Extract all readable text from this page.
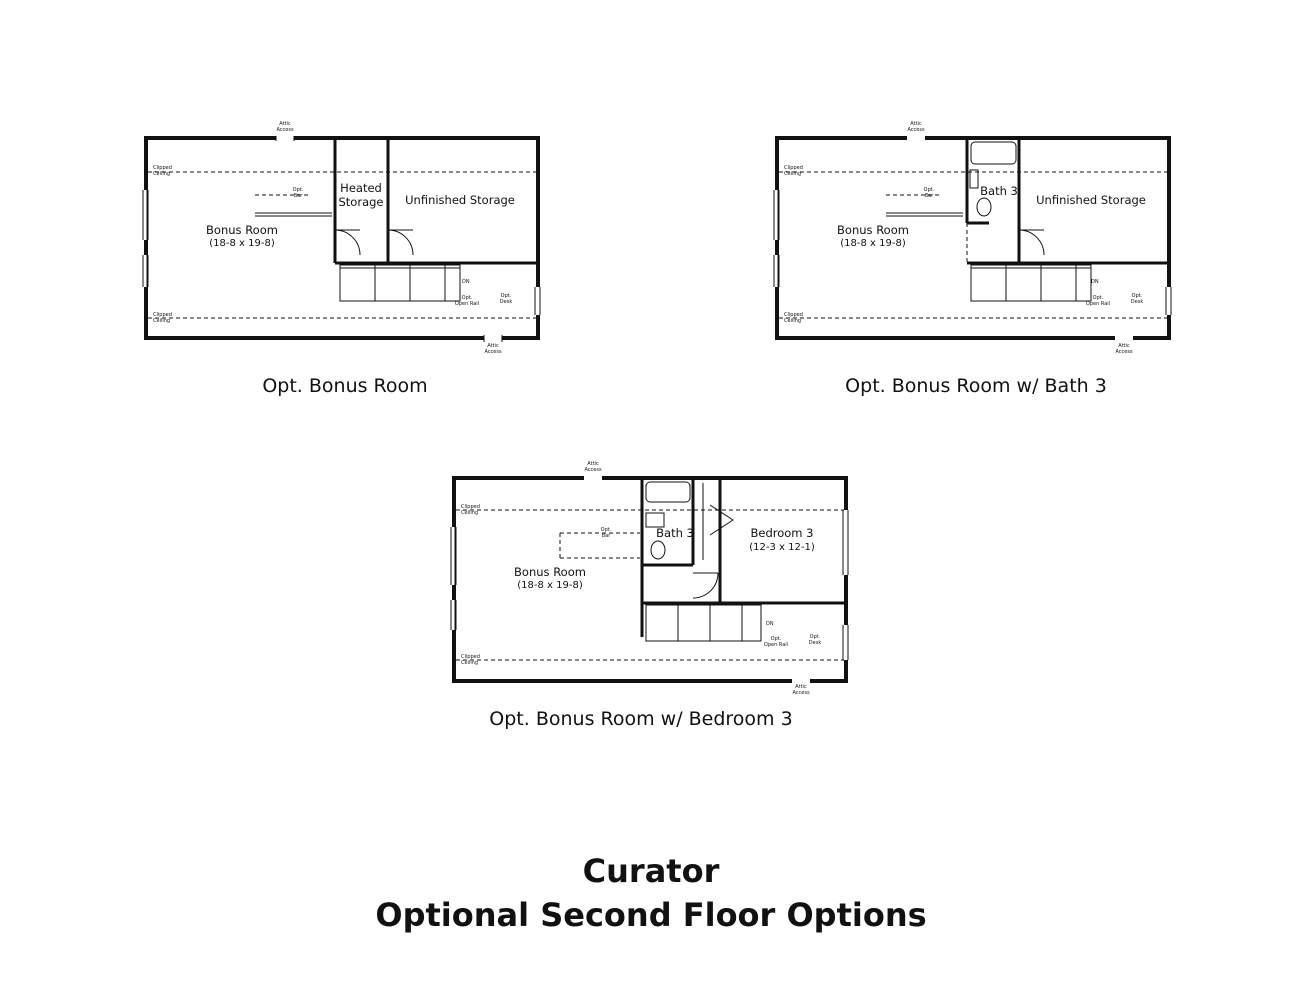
Attic
Access
Attic
Access
Clipped
Ceiling
Clipped
Ceiling
Opt.
Bar
Bonus Room
(18-8 x 19-8)
Heated
Storage Unfinished Storage
DN
Opt.
Open Rail
Opt.
Desk
Opt. Bonus Room
Attic
Access
Attic
Access
Clipped
Ceiling
Clipped
Ceiling
Opt.
Bar
Bonus Room
(18-8 x 19-8)
Bath 3
Unfinished Storage
DN
Opt.
Open Rail
Opt.
Desk
Opt. Bonus Room w/ Bath 3
Attic
Access
Attic
Access
Clipped
Ceiling
Clipped
Ceiling
Opt.
Bar
Bonus Room
(18-8 x 19-8)
Bath 3	Bedroom 3
(12-3 x 12-1)
DN
Opt.
Open Rail
Opt.
Desk
Opt. Bonus Room w/ Bedroom 3
Curator
Optional Second Floor Options
